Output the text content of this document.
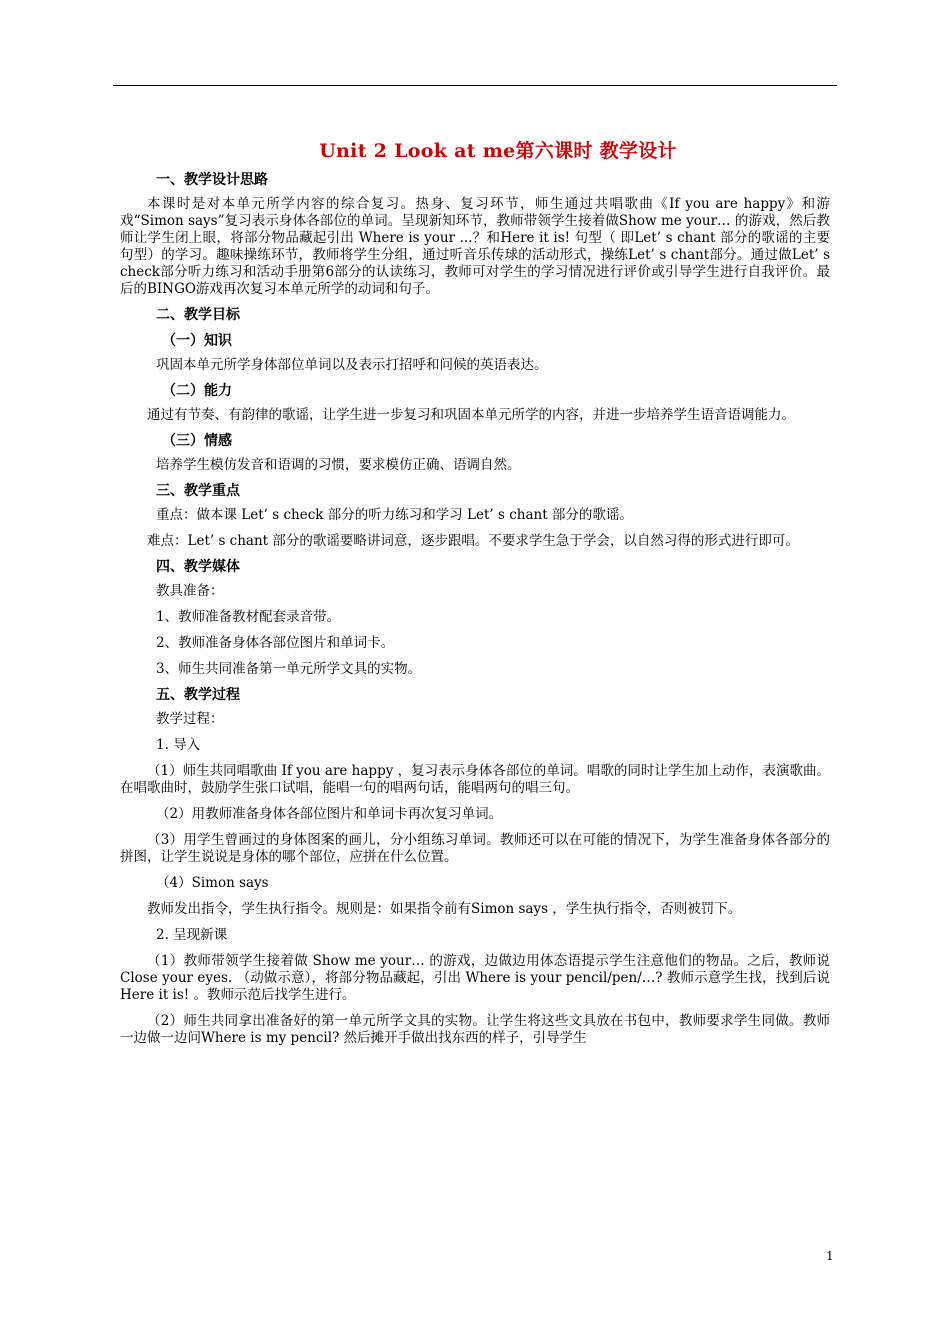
Unit 2 Look at me第六课时 教学设计
一、教学设计思路
本课时是对本单元所学内容的综合复习。热身、复习环节，师生通过共唱歌曲《If you are happy》和游戏“Simon says”复习表示身体各部位的单词。呈现新知环节，教师带领学生接着做Show me your… 的游戏，然后教师让学生闭上眼，将部分物品藏起引出 Where is your ...？和Here it is! 句型（ 即Let’ s chant 部分的歌谣的主要句型）的学习。趣味操练环节，教师将学生分组，通过听音乐传球的活动形式，操练Let’ s chant部分。通过做Let’ s check部分听力练习和活动手册第6部分的认读练习，教师可对学生的学习情况进行评价或引导学生进行自我评价。最后的BINGO游戏再次复习本单元所学的动词和句子。
二、教学目标
（一）知识
巩固本单元所学身体部位单词以及表示打招呼和问候的英语表达。
（二）能力
通过有节奏、有韵律的歌谣，让学生进一步复习和巩固本单元所学的内容，并进一步培养学生语音语调能力。
（三）情感
培养学生模仿发音和语调的习惯，要求模仿正确、语调自然。
三、教学重点
重点：做本课 Let’ s check 部分的听力练习和学习 Let’ s chant 部分的歌谣。
难点：Let’ s chant 部分的歌谣要略讲词意，逐步跟唱。不要求学生急于学会，以自然习得的形式进行即可。
四、教学媒体
教具准备：
1、教师准备教材配套录音带。
2、教师准备身体各部位图片和单词卡。
3、师生共同准备第一单元所学文具的实物。
五、教学过程
教学过程：
1. 导入
（1）师生共同唱歌曲 If you are happy ，复习表示身体各部位的单词。唱歌的同时让学生加上动作，表演歌曲。在唱歌曲时，鼓励学生张口试唱，能唱一句的唱两句话，能唱两句的唱三句。
（2）用教师准备身体各部位图片和单词卡再次复习单词。
（3）用学生曾画过的身体图案的画儿，分小组练习单词。教师还可以在可能的情况下，为学生准备身体各部分的拼图，让学生说说是身体的哪个部位，应拼在什么位置。
（4）Simon says
教师发出指令，学生执行指令。规则是：如果指令前有Simon says ，学生执行指令，否则被罚下。
2. 呈现新课
（1）教师带领学生接着做 Show me your… 的游戏，边做边用体态语提示学生注意他们的物品。之后，教师说 Close your eyes. （动做示意），将部分物品藏起，引出 Where is your pencil/pen/…? 教师示意学生找，找到后说 Here it is! 。教师示范后找学生进行。
（2）师生共同拿出准备好的第一单元所学文具的实物。让学生将这些文具放在书包中，教师要求学生同做。教师一边做一边问Where is my pencil? 然后摊开手做出找东西的样子，引导学生
1
